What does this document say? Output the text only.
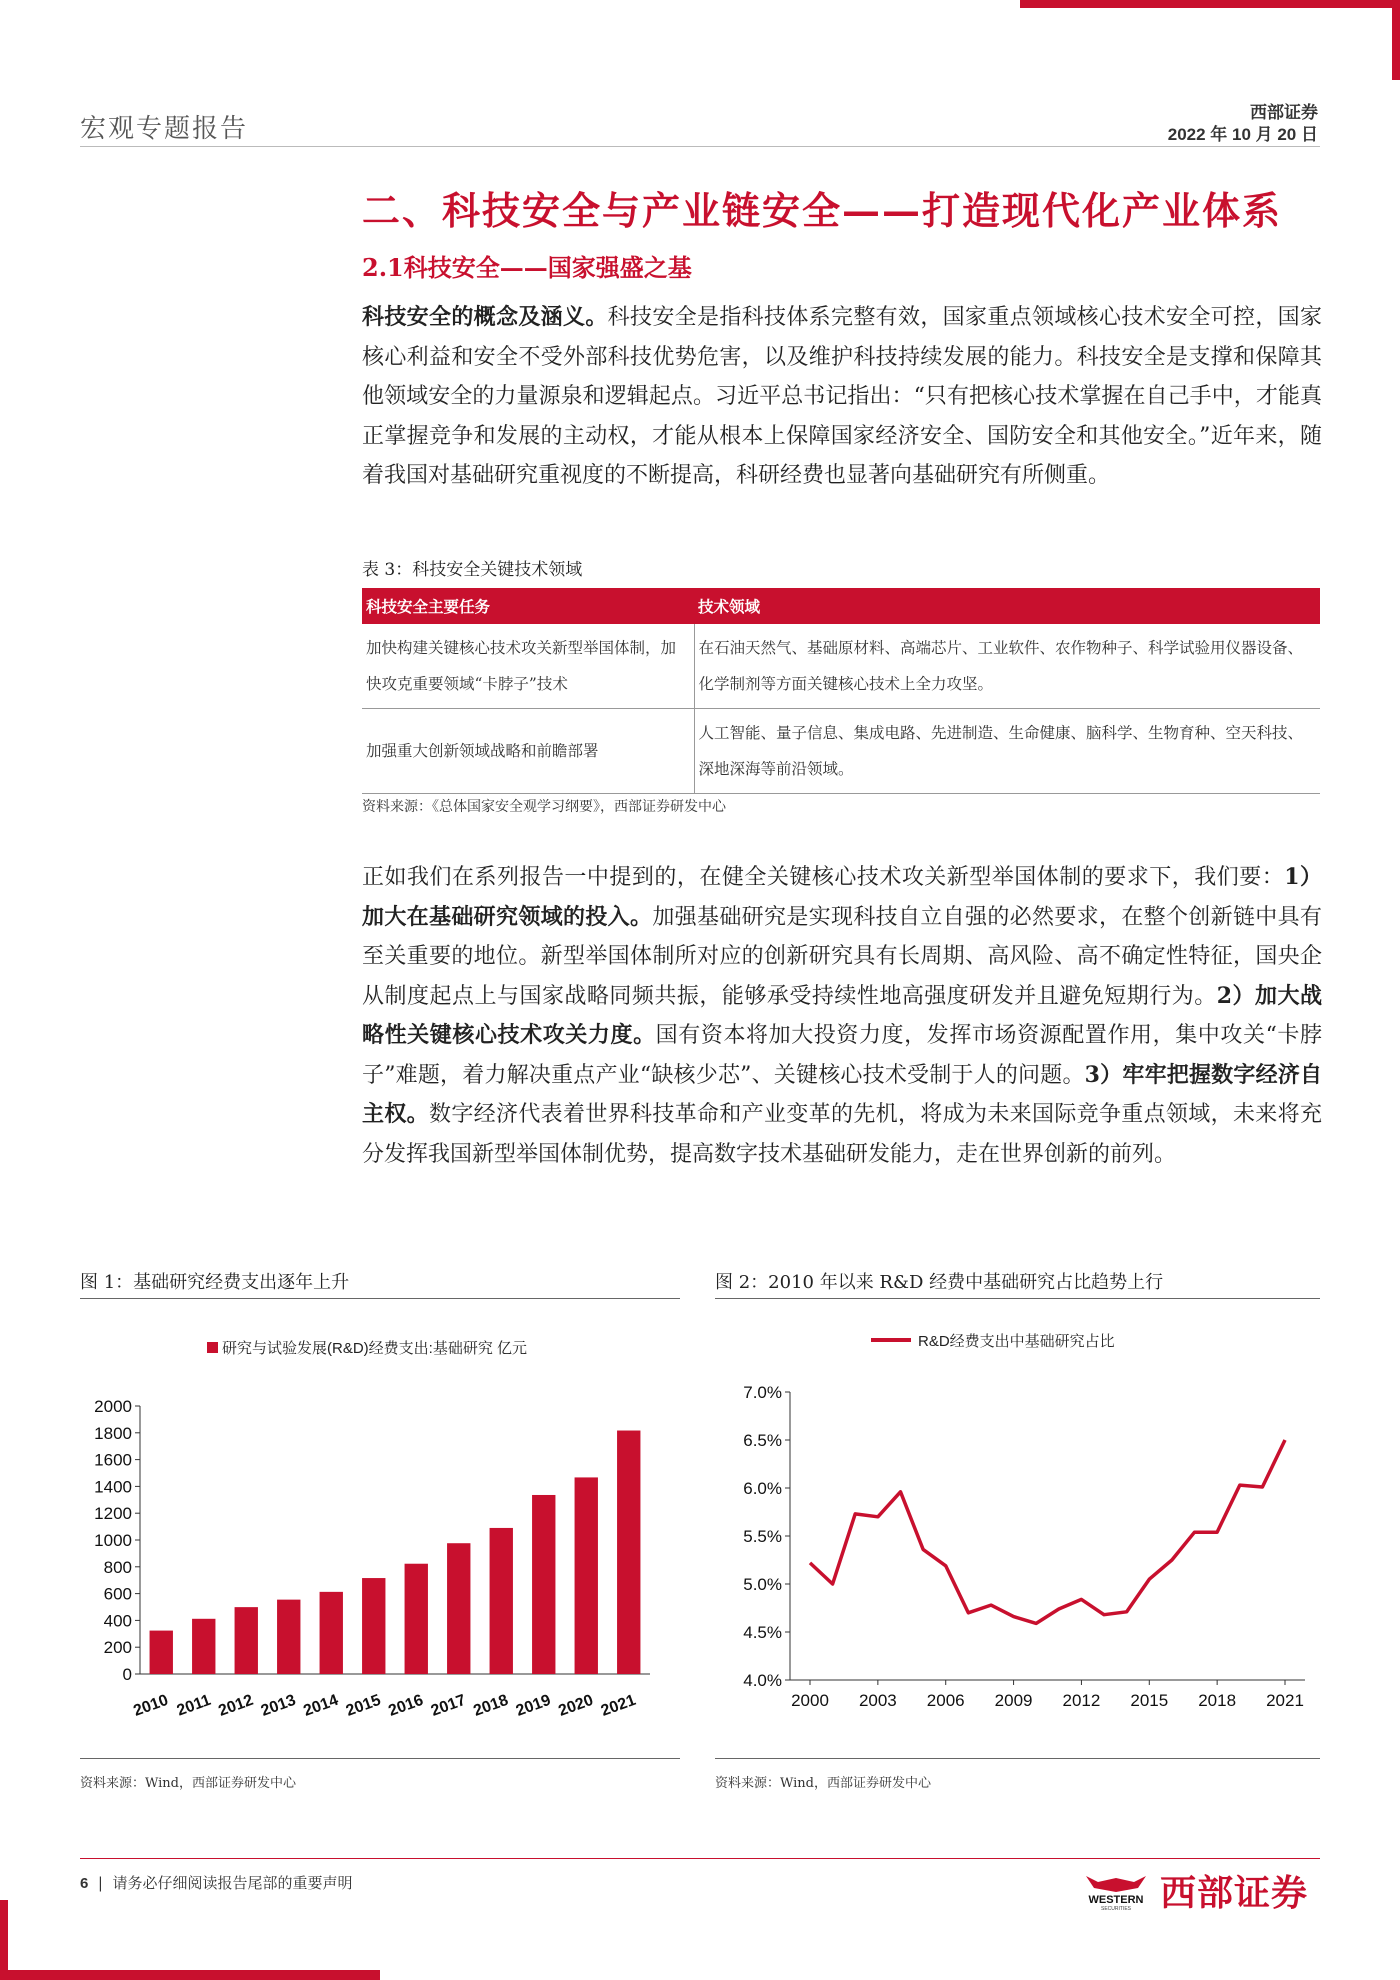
宏观专题报告
西部证券
2022 年 10 月 20 日
二、科技安全与产业链安全——打造现代化产业体系
2.1科技安全——国家强盛之基
科技安全的概念及涵义。科技安全是指科技体系完整有效，国家重点领域核心技术安全可控，国家核心利益和安全不受外部科技优势危害，以及维护科技持续发展的能力。科技安全是支撑和保障其他领域安全的力量源泉和逻辑起点。习近平总书记指出：“只有把核心技术掌握在自己手中，才能真正掌握竞争和发展的主动权，才能从根本上保障国家经济安全、国防安全和其他安全。”近年来，随着我国对基础研究重视度的不断提高，科研经费也显著向基础研究有所侧重。
表 3：科技安全关键技术领域
科技安全主要任务	技术领域
加快构建关键核心技术攻关新型举国体制，加快攻克重要领域“卡脖子”技术	在石油天然气、基础原材料、高端芯片、工业软件、农作物种子、科学试验用仪器设备、化学制剂等方面关键核心技术上全力攻坚。
加强重大创新领域战略和前瞻部署	人工智能、量子信息、集成电路、先进制造、生命健康、脑科学、生物育种、空天科技、深地深海等前沿领域。
资料来源：《总体国家安全观学习纲要》，西部证券研发中心
正如我们在系列报告一中提到的，在健全关键核心技术攻关新型举国体制的要求下，我们要：1）加大在基础研究领域的投入。加强基础研究是实现科技自立自强的必然要求，在整个创新链中具有至关重要的地位。新型举国体制所对应的创新研究具有长周期、高风险、高不确定性特征，国央企从制度起点上与国家战略同频共振，能够承受持续性地高强度研发并且避免短期行为。2）加大战略性关键核心技术攻关力度。国有资本将加大投资力度，发挥市场资源配置作用，集中攻关“卡脖子”难题，着力解决重点产业“缺核少芯”、关键核心技术受制于人的问题。3）牢牢把握数字经济自主权。数字经济代表着世界科技革命和产业变革的先机，将成为未来国际竞争重点领域，未来将充分发挥我国新型举国体制优势，提高数字技术基础研发能力，走在世界创新的前列。
图 1：基础研究经费支出逐年上升
研究与试验发展(R&D)经费支出:基础研究 亿元
0
200
400
600
800
1000
1200
1400
1600
1800
2000
2010 2011 2012 2013 2014 2015 2016 2017 2018 2019 2020 2021
资料来源：Wind，西部证券研发中心
图 2：2010 年以来 R&D 经费中基础研究占比趋势上行
R&D经费支出中基础研究占比
4.0%
4.5%
5.0%
5.5%
6.0%
6.5%
7.0%
2000 2003 2006 2009 2012 2015 2018 2021
资料来源：Wind，西部证券研发中心
6 | 请务必仔细阅读报告尾部的重要声明
WESTERN
SECURITIES 西部证券
